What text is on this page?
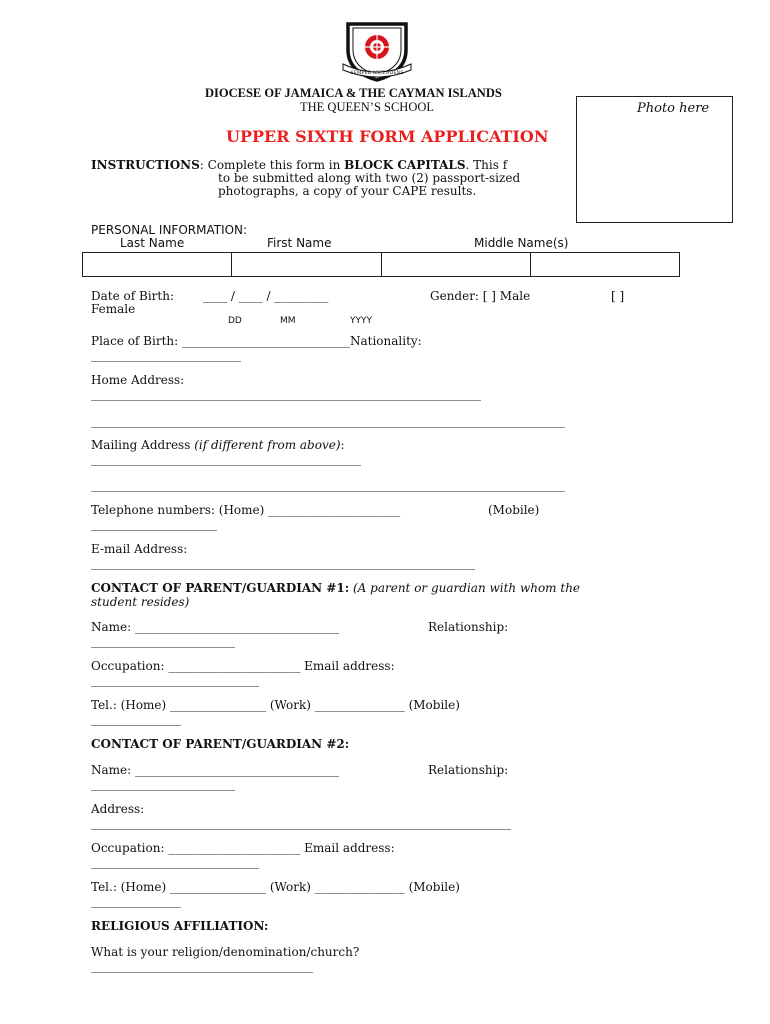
SEMPER ASCENDENS
DIOCESE OF JAMAICA & THE CAYMAN ISLANDS
THE QUEEN’S SCHOOL	Photo here
UPPER SIXTH FORM APPLICATION
INSTRUCTIONS: Complete this form in BLOCK CAPITALS. This f
to be submitted along with two (2) passport-sized
photographs, a copy of your CAPE results.
PERSONAL INFORMATION:
Last Name	First Name	Middle Name(s)
Date of Birth: ____ / ____ / _________	Gender: [ ] Male	[ ]
Female
DD	MM	YYYY
Place of Birth: ____________________________Nationality:
_________________________
Home Address:
_________________________________________________________________
_______________________________________________________________________________
Mailing Address (if different from above):
_____________________________________________
_______________________________________________________________________________
Telephone numbers: (Home) ______________________	(Mobile)
_____________________
E-mail Address:
________________________________________________________________
CONTACT OF PARENT/GUARDIAN #1: (A parent or guardian with whom the
student resides)
Name: __________________________________	Relationship:
________________________
Occupation: ______________________ Email address:
____________________________
Tel.: (Home) ________________ (Work) _______________ (Mobile)
_______________
CONTACT OF PARENT/GUARDIAN #2:
Name: __________________________________	Relationship:
________________________
Address:
______________________________________________________________________
Occupation: ______________________ Email address:
____________________________
Tel.: (Home) ________________ (Work) _______________ (Mobile)
_______________
RELIGIOUS AFFILIATION:
What is your religion/denomination/church?
_____________________________________
